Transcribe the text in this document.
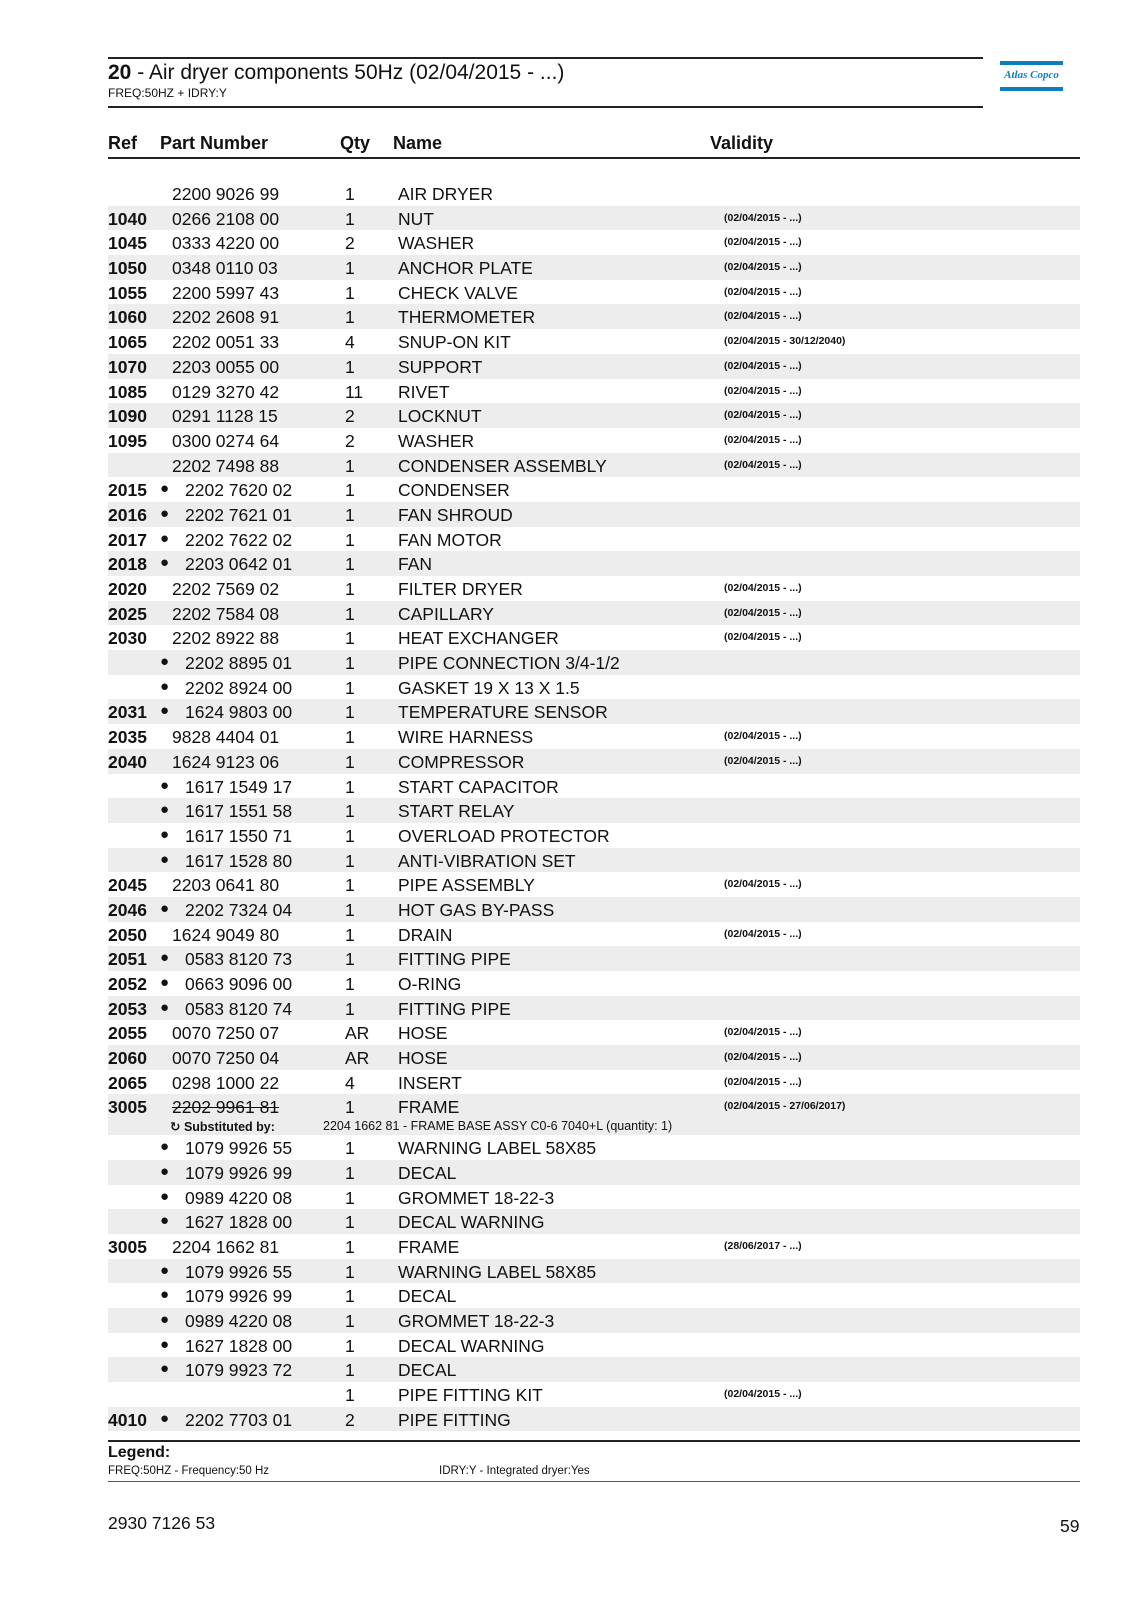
20 - Air dryer components 50Hz (02/04/2015 - ...)
FREQ:50HZ + IDRY:Y
Atlas Copco
Ref Part Number	Qty Name	Validity
2200 9026 99	1 AIR DRYER
1040 0266 2108 00	1 NUT	(02/04/2015 - ...)
1045 0333 4220 00	2 WASHER	(02/04/2015 - ...)
1050 0348 0110 03	1 ANCHOR PLATE	(02/04/2015 - ...)
1055 2200 5997 43	1 CHECK VALVE	(02/04/2015 - ...)
1060 2202 2608 91	1 THERMOMETER	(02/04/2015 - ...)
1065 2202 0051 33	4 SNUP-ON KIT	(02/04/2015 - 30/12/2040)
1070 2203 0055 00	1 SUPPORT	(02/04/2015 - ...)
1085 0129 3270 42	11 RIVET	(02/04/2015 - ...)
1090 0291 1128 15	2 LOCKNUT	(02/04/2015 - ...)
1095 0300 0274 64	2 WASHER	(02/04/2015 - ...)
2202 7498 88	1 CONDENSER ASSEMBLY	(02/04/2015 - ...)
2015 ● 2202 7620 02	1 CONDENSER
2016 ● 2202 7621 01	1 FAN SHROUD
2017 ● 2202 7622 02	1 FAN MOTOR
2018 ● 2203 0642 01	1 FAN
2020 2202 7569 02	1 FILTER DRYER	(02/04/2015 - ...)
2025 2202 7584 08	1 CAPILLARY	(02/04/2015 - ...)
2030 2202 8922 88	1 HEAT EXCHANGER	(02/04/2015 - ...)
● 2202 8895 01	1 PIPE CONNECTION 3/4-1/2
● 2202 8924 00	1 GASKET 19 X 13 X 1.5
2031 ● 1624 9803 00	1 TEMPERATURE SENSOR
2035 9828 4404 01	1 WIRE HARNESS	(02/04/2015 - ...)
2040 1624 9123 06	1 COMPRESSOR	(02/04/2015 - ...)
● 1617 1549 17	1 START CAPACITOR
● 1617 1551 58	1 START RELAY
● 1617 1550 71	1 OVERLOAD PROTECTOR
● 1617 1528 80	1 ANTI-VIBRATION SET
2045 2203 0641 80	1 PIPE ASSEMBLY	(02/04/2015 - ...)
2046 ● 2202 7324 04	1 HOT GAS BY-PASS
2050 1624 9049 80	1 DRAIN	(02/04/2015 - ...)
2051 ● 0583 8120 73	1 FITTING PIPE
2052 ● 0663 9096 00	1 O-RING
2053 ● 0583 8120 74	1 FITTING PIPE
2055 0070 7250 07	AR HOSE	(02/04/2015 - ...)
2060 0070 7250 04	AR HOSE	(02/04/2015 - ...)
2065 0298 1000 22	4 INSERT	(02/04/2015 - ...)
3005 2202 9961 81	1 FRAME	(02/04/2015 - 27/06/2017)
↻ Substituted by:	2204 1662 81 - FRAME BASE ASSY C0-6 7040+L (quantity: 1)
● 1079 9926 55	1 WARNING LABEL 58X85
● 1079 9926 99	1 DECAL
● 0989 4220 08	1 GROMMET 18-22-3
● 1627 1828 00	1 DECAL WARNING
3005 2204 1662 81	1 FRAME	(28/06/2017 - ...)
● 1079 9926 55	1 WARNING LABEL 58X85
● 1079 9926 99	1 DECAL
● 0989 4220 08	1 GROMMET 18-22-3
● 1627 1828 00	1 DECAL WARNING
● 1079 9923 72	1 DECAL
1 PIPE FITTING KIT	(02/04/2015 - ...)
4010 ● 2202 7703 01	2 PIPE FITTING
Legend:
FREQ:50HZ - Frequency:50 Hz	IDRY:Y - Integrated dryer:Yes
2930 7126 53	59
